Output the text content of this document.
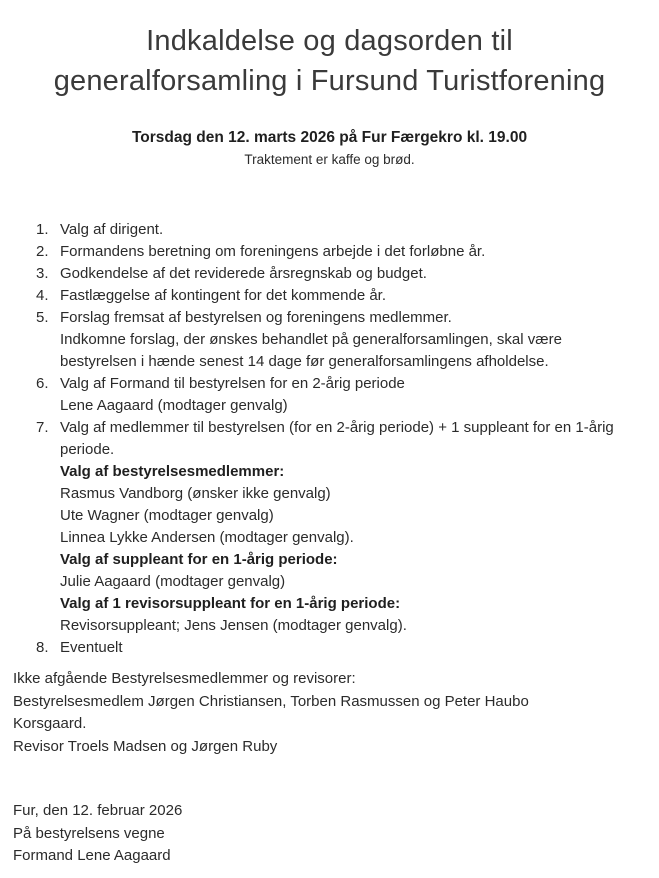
Indkaldelse og dagsorden til
generalforsamling i Fursund Turistforening

Torsdag den 12. marts 2026 på Fur Færgekro kl. 19.00

Traktement er kaffe og brød.

1. Valg af dirigent.
2. Formandens beretning om foreningens arbejde i det forløbne år.
3. Godkendelse af det reviderede årsregnskab og budget.
4. Fastlæggelse af kontingent for det kommende år.
5. Forslag fremsat af bestyrelsen og foreningens medlemmer.
Indkomne forslag, der ønskes behandlet på generalforsamlingen, skal være bestyrelsen i hænde senest 14 dage før generalforsamlingens afholdelse.
6. Valg af Formand til bestyrelsen for en 2-årig periode
Lene Aagaard (modtager genvalg)
7. Valg af medlemmer til bestyrelsen (for en 2-årig periode) + 1 suppleant for en 1-årig periode.
Valg af bestyrelsesmedlemmer:
Rasmus Vandborg (ønsker ikke genvalg)
Ute Wagner (modtager genvalg)
Linnea Lykke Andersen (modtager genvalg).
Valg af suppleant for en 1-årig periode:
Julie Aagaard (modtager genvalg)
Valg af 1 revisorsuppleant for en 1-årig periode:
Revisorsuppleant; Jens Jensen (modtager genvalg).
8. Eventuelt
Ikke afgående Bestyrelsesmedlemmer og revisorer:
Bestyrelsesmedlem Jørgen Christiansen, Torben Rasmussen og Peter Haubo Korsgaard.
Revisor Troels Madsen og Jørgen Ruby
Fur, den 12. februar 2026
På bestyrelsens vegne
Formand Lene Aagaard
